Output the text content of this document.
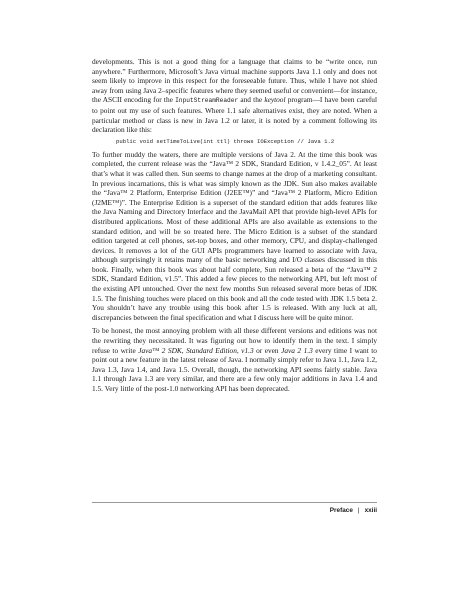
developments. This is not a good thing for a language that claims to be “write once, run anywhere.” Furthermore, Microsoft’s Java virtual machine supports Java 1.1 only and does not seem likely to improve in this respect for the foreseeable future. Thus, while I have not shied away from using Java 2–specific features where they seemed useful or convenient—for instance, the ASCII encoding for the InputStreamReader and the keytool program—I have been careful to point out my use of such features. Where 1.1 safe alternatives exist, they are noted. When a particular method or class is new in Java 1.2 or later, it is noted by a comment following its declaration like this:

public void setTimeToLive(int ttl) throws IOException // Java 1.2

To further muddy the waters, there are multiple versions of Java 2. At the time this book was completed, the current release was the “Java™ 2 SDK, Standard Edition, v 1.4.2_05”. At least that’s what it was called then. Sun seems to change names at the drop of a marketing consultant. In previous incarnations, this is what was simply known as the JDK. Sun also makes available the “Java™ 2 Platform, Enterprise Edition (J2EE™)” and “Java™ 2 Platform, Micro Edition (J2ME™)”. The Enterprise Edition is a superset of the standard edition that adds features like the Java Naming and Directory Interface and the JavaMail API that provide high-level APIs for distributed applications. Most of these additional APIs are also available as extensions to the standard edition, and will be so treated here. The Micro Edition is a subset of the standard edition targeted at cell phones, set-top boxes, and other memory, CPU, and display-challenged devices. It removes a lot of the GUI APIs programmers have learned to associate with Java, although surprisingly it retains many of the basic networking and I/O classes discussed in this book. Finally, when this book was about half complete, Sun released a beta of the “Java™ 2 SDK, Standard Edition, v1.5”. This added a few pieces to the networking API, but left most of the existing API untouched. Over the next few months Sun released several more betas of JDK 1.5. The finishing touches were placed on this book and all the code tested with JDK 1.5 beta 2. You shouldn’t have any trouble using this book after 1.5 is released. With any luck at all, discrepancies between the final specification and what I discuss here will be quite minor.

To be honest, the most annoying problem with all these different versions and editions was not the rewriting they necessitated. It was figuring out how to identify them in the text. I simply refuse to write Java™ 2 SDK, Standard Edition, v1.3 or even Java 2 1.3 every time I want to point out a new feature in the latest release of Java. I normally simply refer to Java 1.1, Java 1.2, Java 1.3, Java 1.4, and Java 1.5. Overall, though, the networking API seems fairly stable. Java 1.1 through Java 1.3 are very similar, and there are a few only major additions in Java 1.4 and 1.5. Very little of the post-1.0 networking API has been deprecated.

Preface | xxiii
